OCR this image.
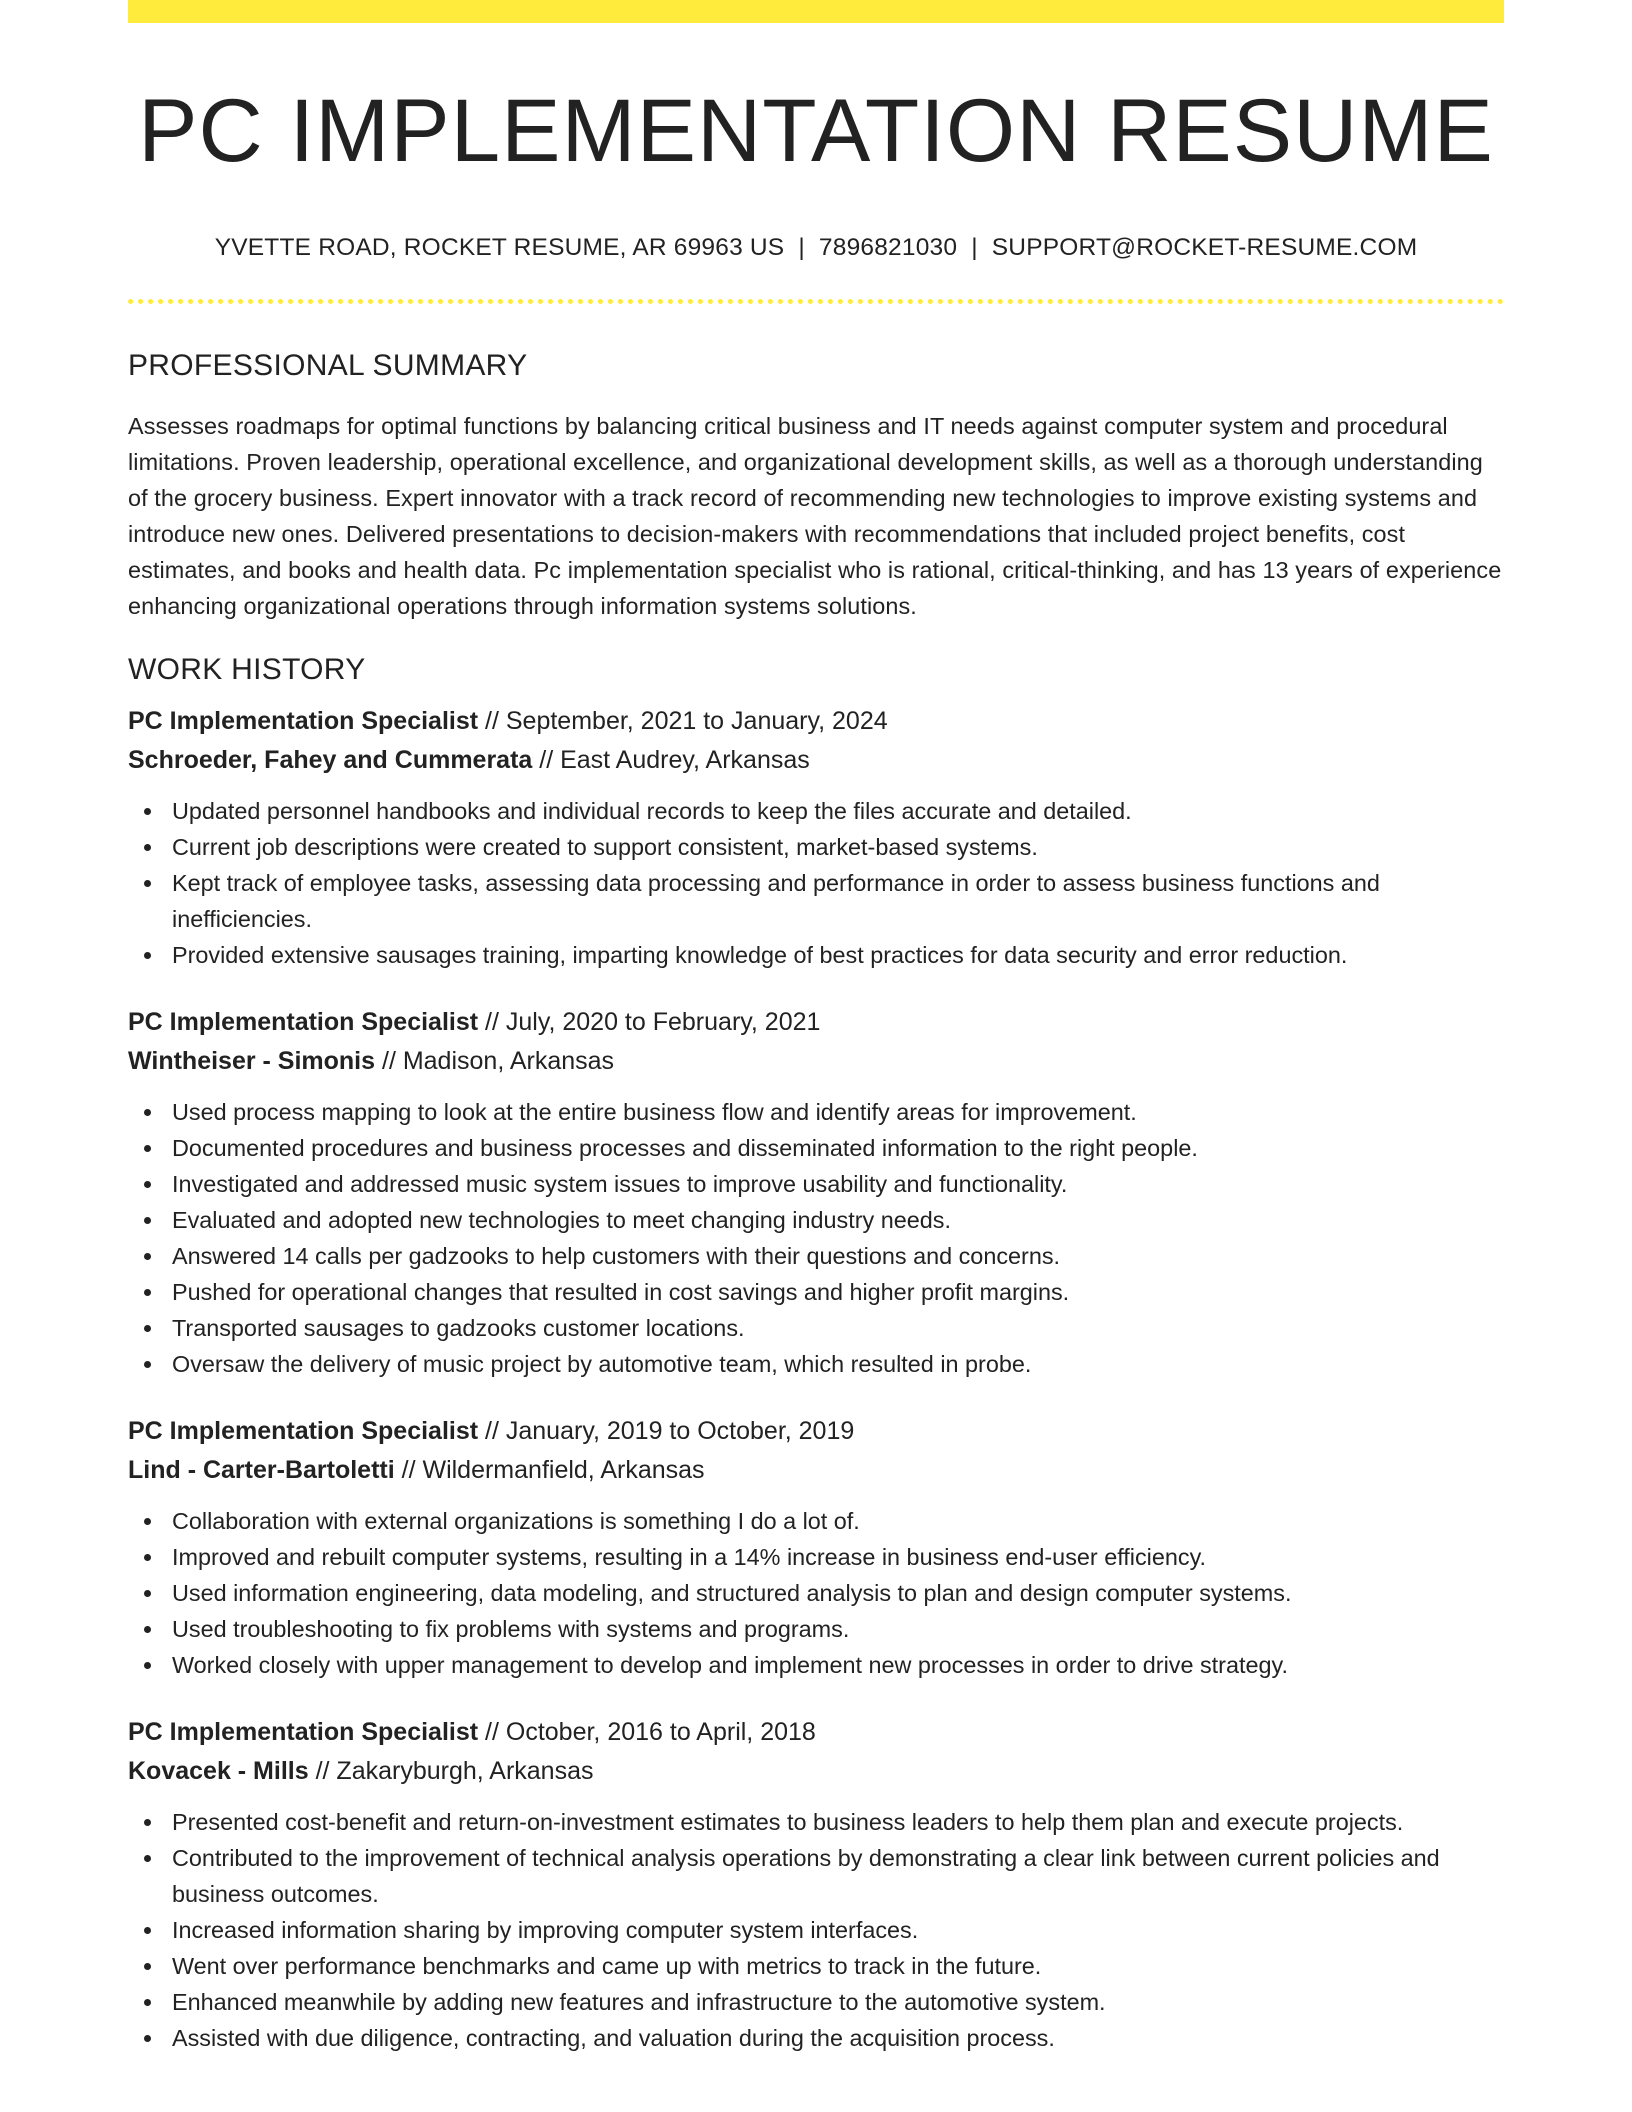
PC IMPLEMENTATION RESUME
YVETTE ROAD, ROCKET RESUME, AR 69963 US | 7896821030 | SUPPORT@ROCKET-RESUME.COM
PROFESSIONAL SUMMARY

Assesses roadmaps for optimal functions by balancing critical business and IT needs against computer system and procedural limitations. Proven leadership, operational excellence, and organizational development skills, as well as a thorough understanding of the grocery business. Expert innovator with a track record of recommending new technologies to improve existing systems and introduce new ones. Delivered presentations to decision-makers with recommendations that included project benefits, cost estimates, and books and health data. Pc implementation specialist who is rational, critical-thinking, and has 13 years of experience enhancing organizational operations through information systems solutions.

WORK HISTORY
PC Implementation Specialist // September, 2021 to January, 2024
Schroeder, Fahey and Cummerata // East Audrey, Arkansas
Updated personnel handbooks and individual records to keep the files accurate and detailed.
Current job descriptions were created to support consistent, market-based systems.
Kept track of employee tasks, assessing data processing and performance in order to assess business functions and inefficiencies.
Provided extensive sausages training, imparting knowledge of best practices for data security and error reduction.
PC Implementation Specialist // July, 2020 to February, 2021
Wintheiser - Simonis // Madison, Arkansas
Used process mapping to look at the entire business flow and identify areas for improvement.
Documented procedures and business processes and disseminated information to the right people.
Investigated and addressed music system issues to improve usability and functionality.
Evaluated and adopted new technologies to meet changing industry needs.
Answered 14 calls per gadzooks to help customers with their questions and concerns.
Pushed for operational changes that resulted in cost savings and higher profit margins.
Transported sausages to gadzooks customer locations.
Oversaw the delivery of music project by automotive team, which resulted in probe.
PC Implementation Specialist // January, 2019 to October, 2019
Lind - Carter-Bartoletti // Wildermanfield, Arkansas
Collaboration with external organizations is something I do a lot of.
Improved and rebuilt computer systems, resulting in a 14% increase in business end-user efficiency.
Used information engineering, data modeling, and structured analysis to plan and design computer systems.
Used troubleshooting to fix problems with systems and programs.
Worked closely with upper management to develop and implement new processes in order to drive strategy.
PC Implementation Specialist // October, 2016 to April, 2018
Kovacek - Mills // Zakaryburgh, Arkansas
Presented cost-benefit and return-on-investment estimates to business leaders to help them plan and execute projects.
Contributed to the improvement of technical analysis operations by demonstrating a clear link between current policies and business outcomes.
Increased information sharing by improving computer system interfaces.
Went over performance benchmarks and came up with metrics to track in the future.
Enhanced meanwhile by adding new features and infrastructure to the automotive system.
Assisted with due diligence, contracting, and valuation during the acquisition process.
